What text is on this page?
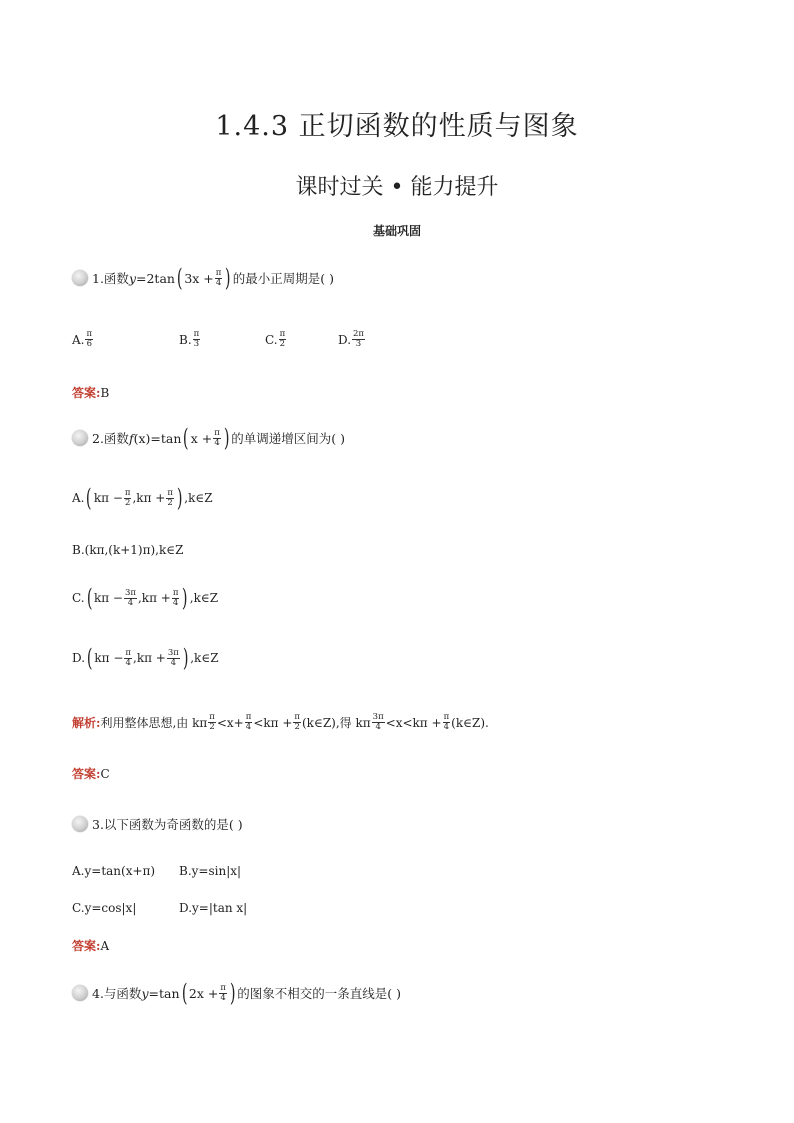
1.4.3 正切函数的性质与图象
课时过关 • 能力提升
基础巩固
1.函数 y =2tan ( $3x + \frac{\pi}{4}$ ) 的最小正周期是( )
A. $\frac{\pi}{6}$	B. $\frac{\pi}{3}$	C. $\frac{\pi}{2}$	D. $\frac{2\pi}{3}$
答案:B
2.函数 f (x) =tan ( $x + \frac{\pi}{4}$ ) 的单调递增区间为( )
A. ( $k\pi - \frac{\pi}{2} ,k\pi + \frac{\pi}{2}$ ) ,k∈Z
B.(kπ,(k+1)π),k∈Z
C. ( $k\pi - \frac{3\pi}{4} ,k\pi + \frac{\pi}{4}$ ) ,k∈Z
D. ( $k\pi - \frac{\pi}{4} ,k\pi + \frac{3\pi}{4}$ ) ,k∈Z
解析: 利用整体思想,由 kπ $\frac{\pi}{2} <x+ \frac{\pi}{4} <k\pi + \frac{\pi}{2}$ (k∈Z),得 kπ $\frac{3\pi}{4} <x<k\pi + \frac{\pi}{4}$ (k∈Z).
答案:C
3.以下函数为奇函数的是( )
A.y=tan(x+π) B.y=sin|x|
C.y=cos|x|	D.y=|tan x|
答案:A
4.与函数 y =tan ( $2x + \frac{\pi}{4}$ ) 的图象不相交的一条直线是( )
